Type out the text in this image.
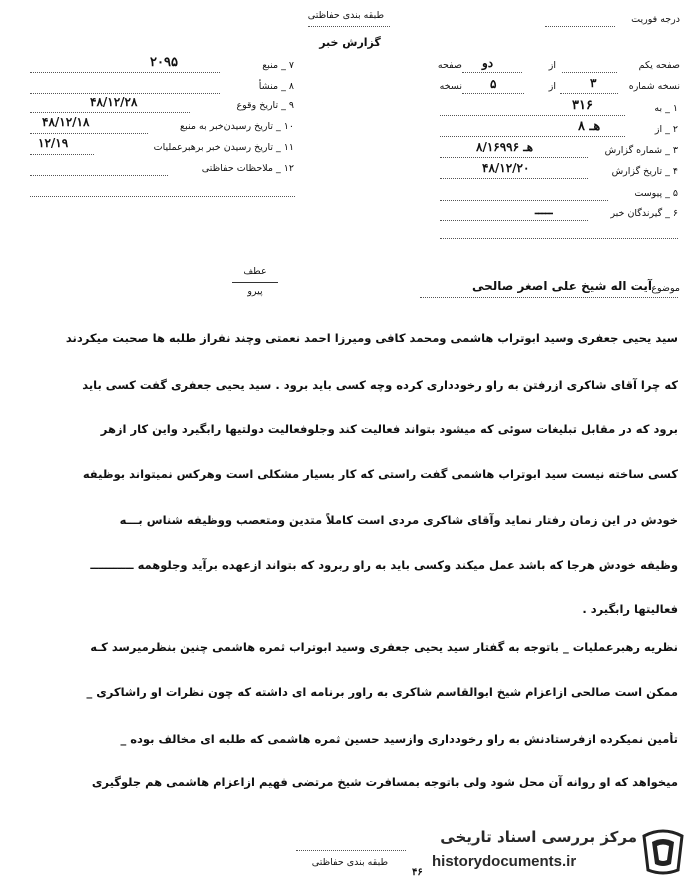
طبقه بندی حفاظتی
گزارش خبر
درجه فوریت
۷ _ منبع
۲۰۹۵
۸ _ منشأ
۹ _ تاریخ وقوع
۴۸/۱۲/۲۸
۱۰ _ تاریخ رسیدن‌خبر به منبع
۴۸/۱۲/۱۸
۱۱ _ تاریخ رسیدن خبر برهبرعملیات
۱۲/۱۹
۱۲ _ ملاحظات حفاظتی
صفحه یکم
از
دو
صفحه
نسخه شماره
۳
از
۵
نسخه
۱ _ به
۳۱۶
۲ _ از
۸ هـ
۳ _ شماره گزارش
۸/۱۶۹۹۶ هـ
۴ _ تاریخ گزارش
۴۸/۱۲/۲۰
۵ _ پیوست
۶ _ گیرندگان خبر
ـــــ
عطف
پیرو	موضوع
آیت اله شیخ علی اصغر صالحی
سید یحیی جعفری وسید ابوتراب هاشمی ومحمد کافی ومیرزا احمد نعمتی وچند نفراز طلبه ها صحبت میکردند
که چرا آقای شاکری ازرفتن به راو رخودداری کرده وچه کسی باید برود . سید یحیی جعفری گفت کسی باید
برود که در مقابل تبلیغات سوئی که میشود بتواند فعالیت کند وجلوفعالیت دولتیها رابگیرد واین کار ازهر
کسی ساخته نیست سید ابوتراب هاشمی گفت راستی که کار بسیار مشکلی است وهرکس نمیتواند بوظیفه
خودش در این زمان رفتار نماید وآقای شاکری مردی است کاملاً متدین ومتعصب ووظیفه شناس بـــه
وظیفه خودش هرجا که باشد عمل میکند وکسی باید به راو ربرود که بتواند ازعهده برآید وجلوهمه ـــــــــــ
فعالیتها رابگیرد .
نظریه رهبرعملیات _ باتوجه به گفتار سید یحیی جعفری وسید ابوتراب ثمره هاشمی چنین بنظرمیرسد کـه
ممکن است صالحی ازاعزام شیخ ابوالقاسم شاکری به راور برنامه ای داشته که چون نظرات او راشاکری _
تأمین نمیکرده ازفرستادنش به راو رخودداری وازسید حسین ثمره هاشمی که طلبه ای مخالف بوده _
میخواهد که او روانه آن محل شود ولی باتوجه بمسافرت شیخ مرتضی فهیم ازاعزام هاشمی هم جلوگیری
طبقه بندی حفاظتی
۴۶
مرکز بررسی اسناد تاریخی
historydocuments.ir
